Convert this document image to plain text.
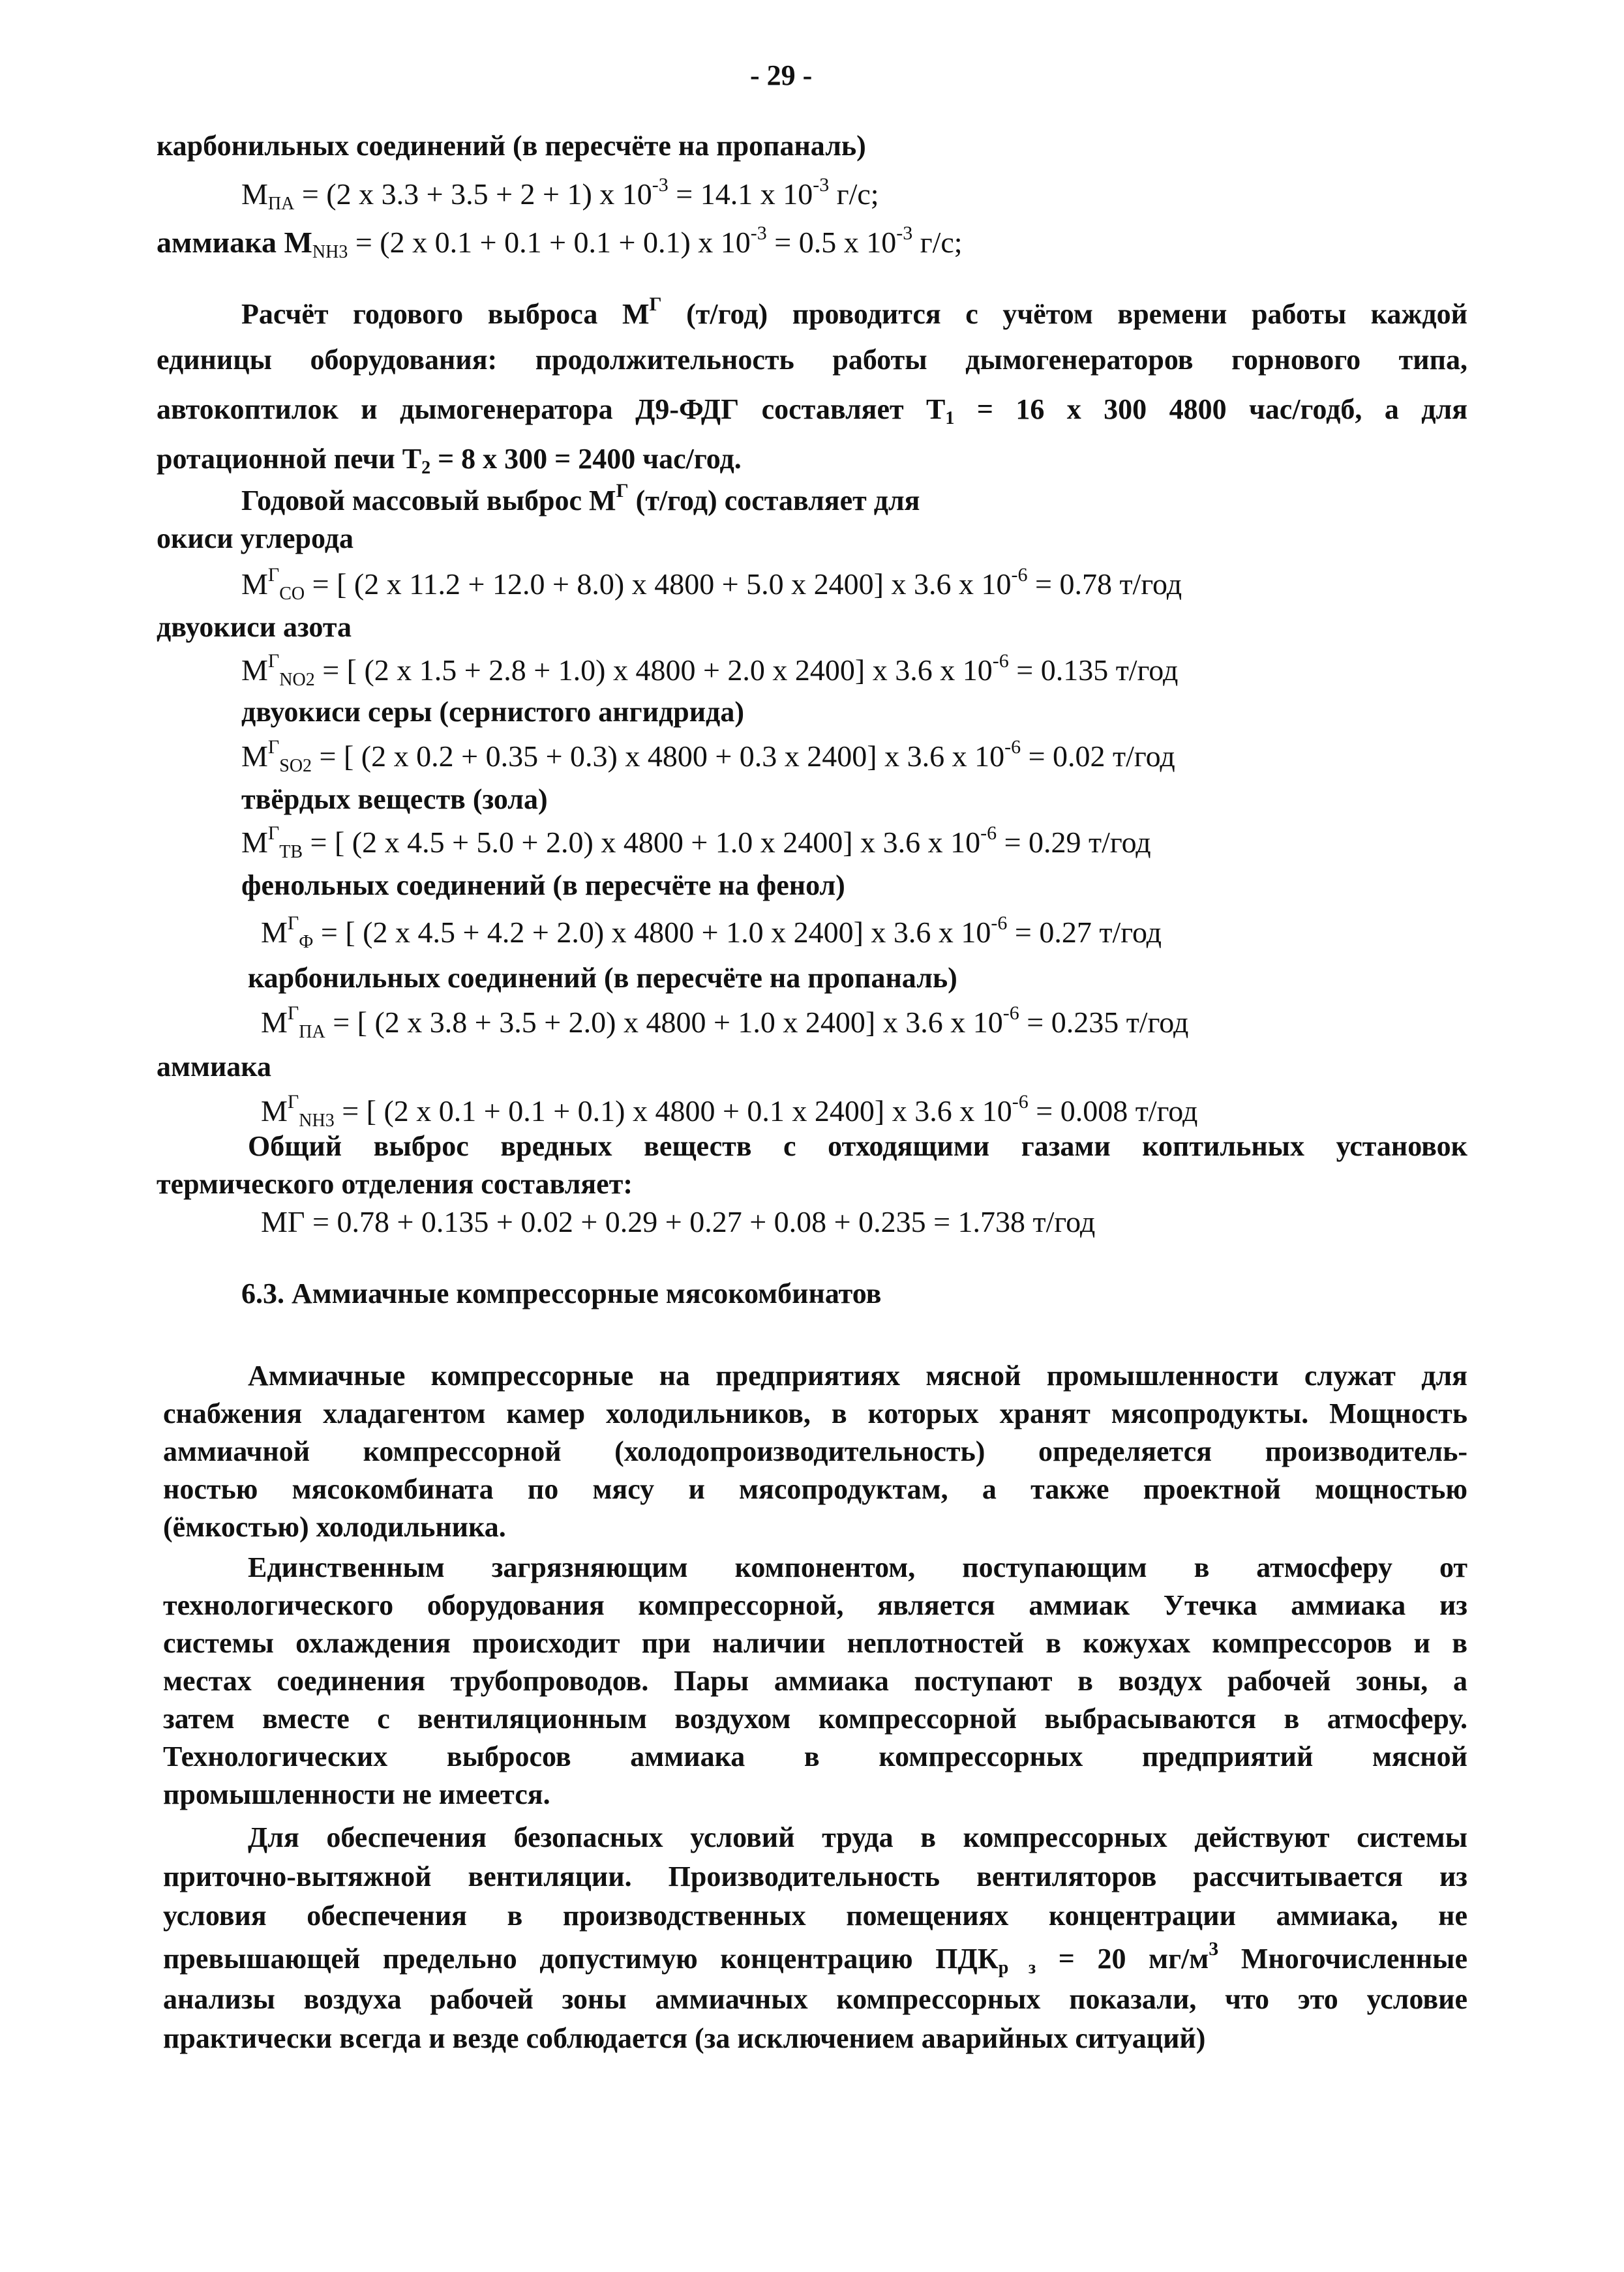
- 29 -
карбонильных соединений (в пересчёте на пропаналь)
$M_{ПА} = (2$ x 3.3 + 3.5 + 2 + 1) x $10^{-3} = 14.1$ x $10^{-3}$ г/с;
аммиака $M_{NH3} = (2$ x 0.1 + 0.1 + 0.1 + 0.1) x $10^{-3} = 0.5$ x $10^{-3}$ г/с;
Расчёт годового выброса $M^Г$ (т/год) проводится с учётом времени работы каждой
единицы оборудования: продолжительность работы дымогенераторов горнового типа,
автокоптилок и дымогенератора Д9-ФДГ составляет $T_1 = 16$ x 300 4800 час/годб, а для
ротационной печи $T_2 = 8$ x 300 = 2400 час/год.
Годовой массовый выброс $M^Г$ (т/год) составляет для
окиси углерода
$M^Г_{CO}$ = [ (2 x 11.2 + 12.0 + 8.0) x 4800 + 5.0 x 2400] x 3.6 x $10^{-6} = 0.78$ т/год
двуокиси азота
$M^Г_{NO2}$ = [ (2 x 1.5 + 2.8 + 1.0) x 4800 + 2.0 x 2400] x 3.6 x $10^{-6} = 0.135$ т/год
двуокиси серы (сернистого ангидрида)
$M^Г_{SO2}$ = [ (2 x 0.2 + 0.35 + 0.3) x 4800 + 0.3 x 2400] x 3.6 x $10^{-6} = 0.02$ т/год
твёрдых веществ (зола)
$M^Г_{ТВ}$ = [ (2 x 4.5 + 5.0 + 2.0) x 4800 + 1.0 x 2400] x 3.6 x $10^{-6} = 0.29$ т/год
фенольных соединений (в пересчёте на фенол)
$M^Г_Ф$ = [ (2 x 4.5 + 4.2 + 2.0) x 4800 + 1.0 x 2400] x 3.6 x $10^{-6} = 0.27$ т/год
карбонильных соединений (в пересчёте на пропаналь)
$M^Г_{ПА}$ = [ (2 x 3.8 + 3.5 + 2.0) x 4800 + 1.0 x 2400] x 3.6 x $10^{-6} = 0.235$ т/год
аммиака
$M^Г_{NH3}$ = [ (2 x 0.1 + 0.1 + 0.1) x 4800 + 0.1 x 2400] x 3.6 x $10^{-6} = 0.008$ т/год
Общий выброс вредных веществ с отходящими газами коптильных установок
термического отделения составляет:
MГ = 0.78 + 0.135 + 0.02 + 0.29 + 0.27 + 0.08 + 0.235 = 1.738 т/год
6.3. Аммиачные компрессорные мясокомбинатов
Аммиачные компрессорные на предприятиях мясной промышленности служат для
снабжения хладагентом камер холодильников, в которых хранят мясопродукты. Мощность
аммиачной компрессорной (холодопроизводительность) определяется производитель-
ностью мясокомбината по мясу и мясопродуктам, а также проектной мощностью
(ёмкостью) холодильника.
Единственным загрязняющим компонентом, поступающим в атмосферу от
технологического оборудования компрессорной, является аммиак Утечка аммиака из
системы охлаждения происходит при наличии неплотностей в кожухах компрессоров и в
местах соединения трубопроводов. Пары аммиака поступают в воздух рабочей зоны, а
затем вместе с вентиляционным воздухом компрессорной выбрасываются в атмосферу.
Технологических выбросов аммиака в компрессорных предприятий мясной
промышленности не имеется.
Для обеспечения безопасных условий труда в компрессорных действуют системы
приточно-вытяжной вентиляции. Производительность вентиляторов рассчитывается из
условия обеспечения в производственных помещениях концентрации аммиака, не
превышающей предельно допустимую концентрацию $ПДК_{р з} = 20$ $мг/м^3$ Многочисленные
анализы воздуха рабочей зоны аммиачных компрессорных показали, что это условие
практически всегда и везде соблюдается (за исключением аварийных ситуаций)
